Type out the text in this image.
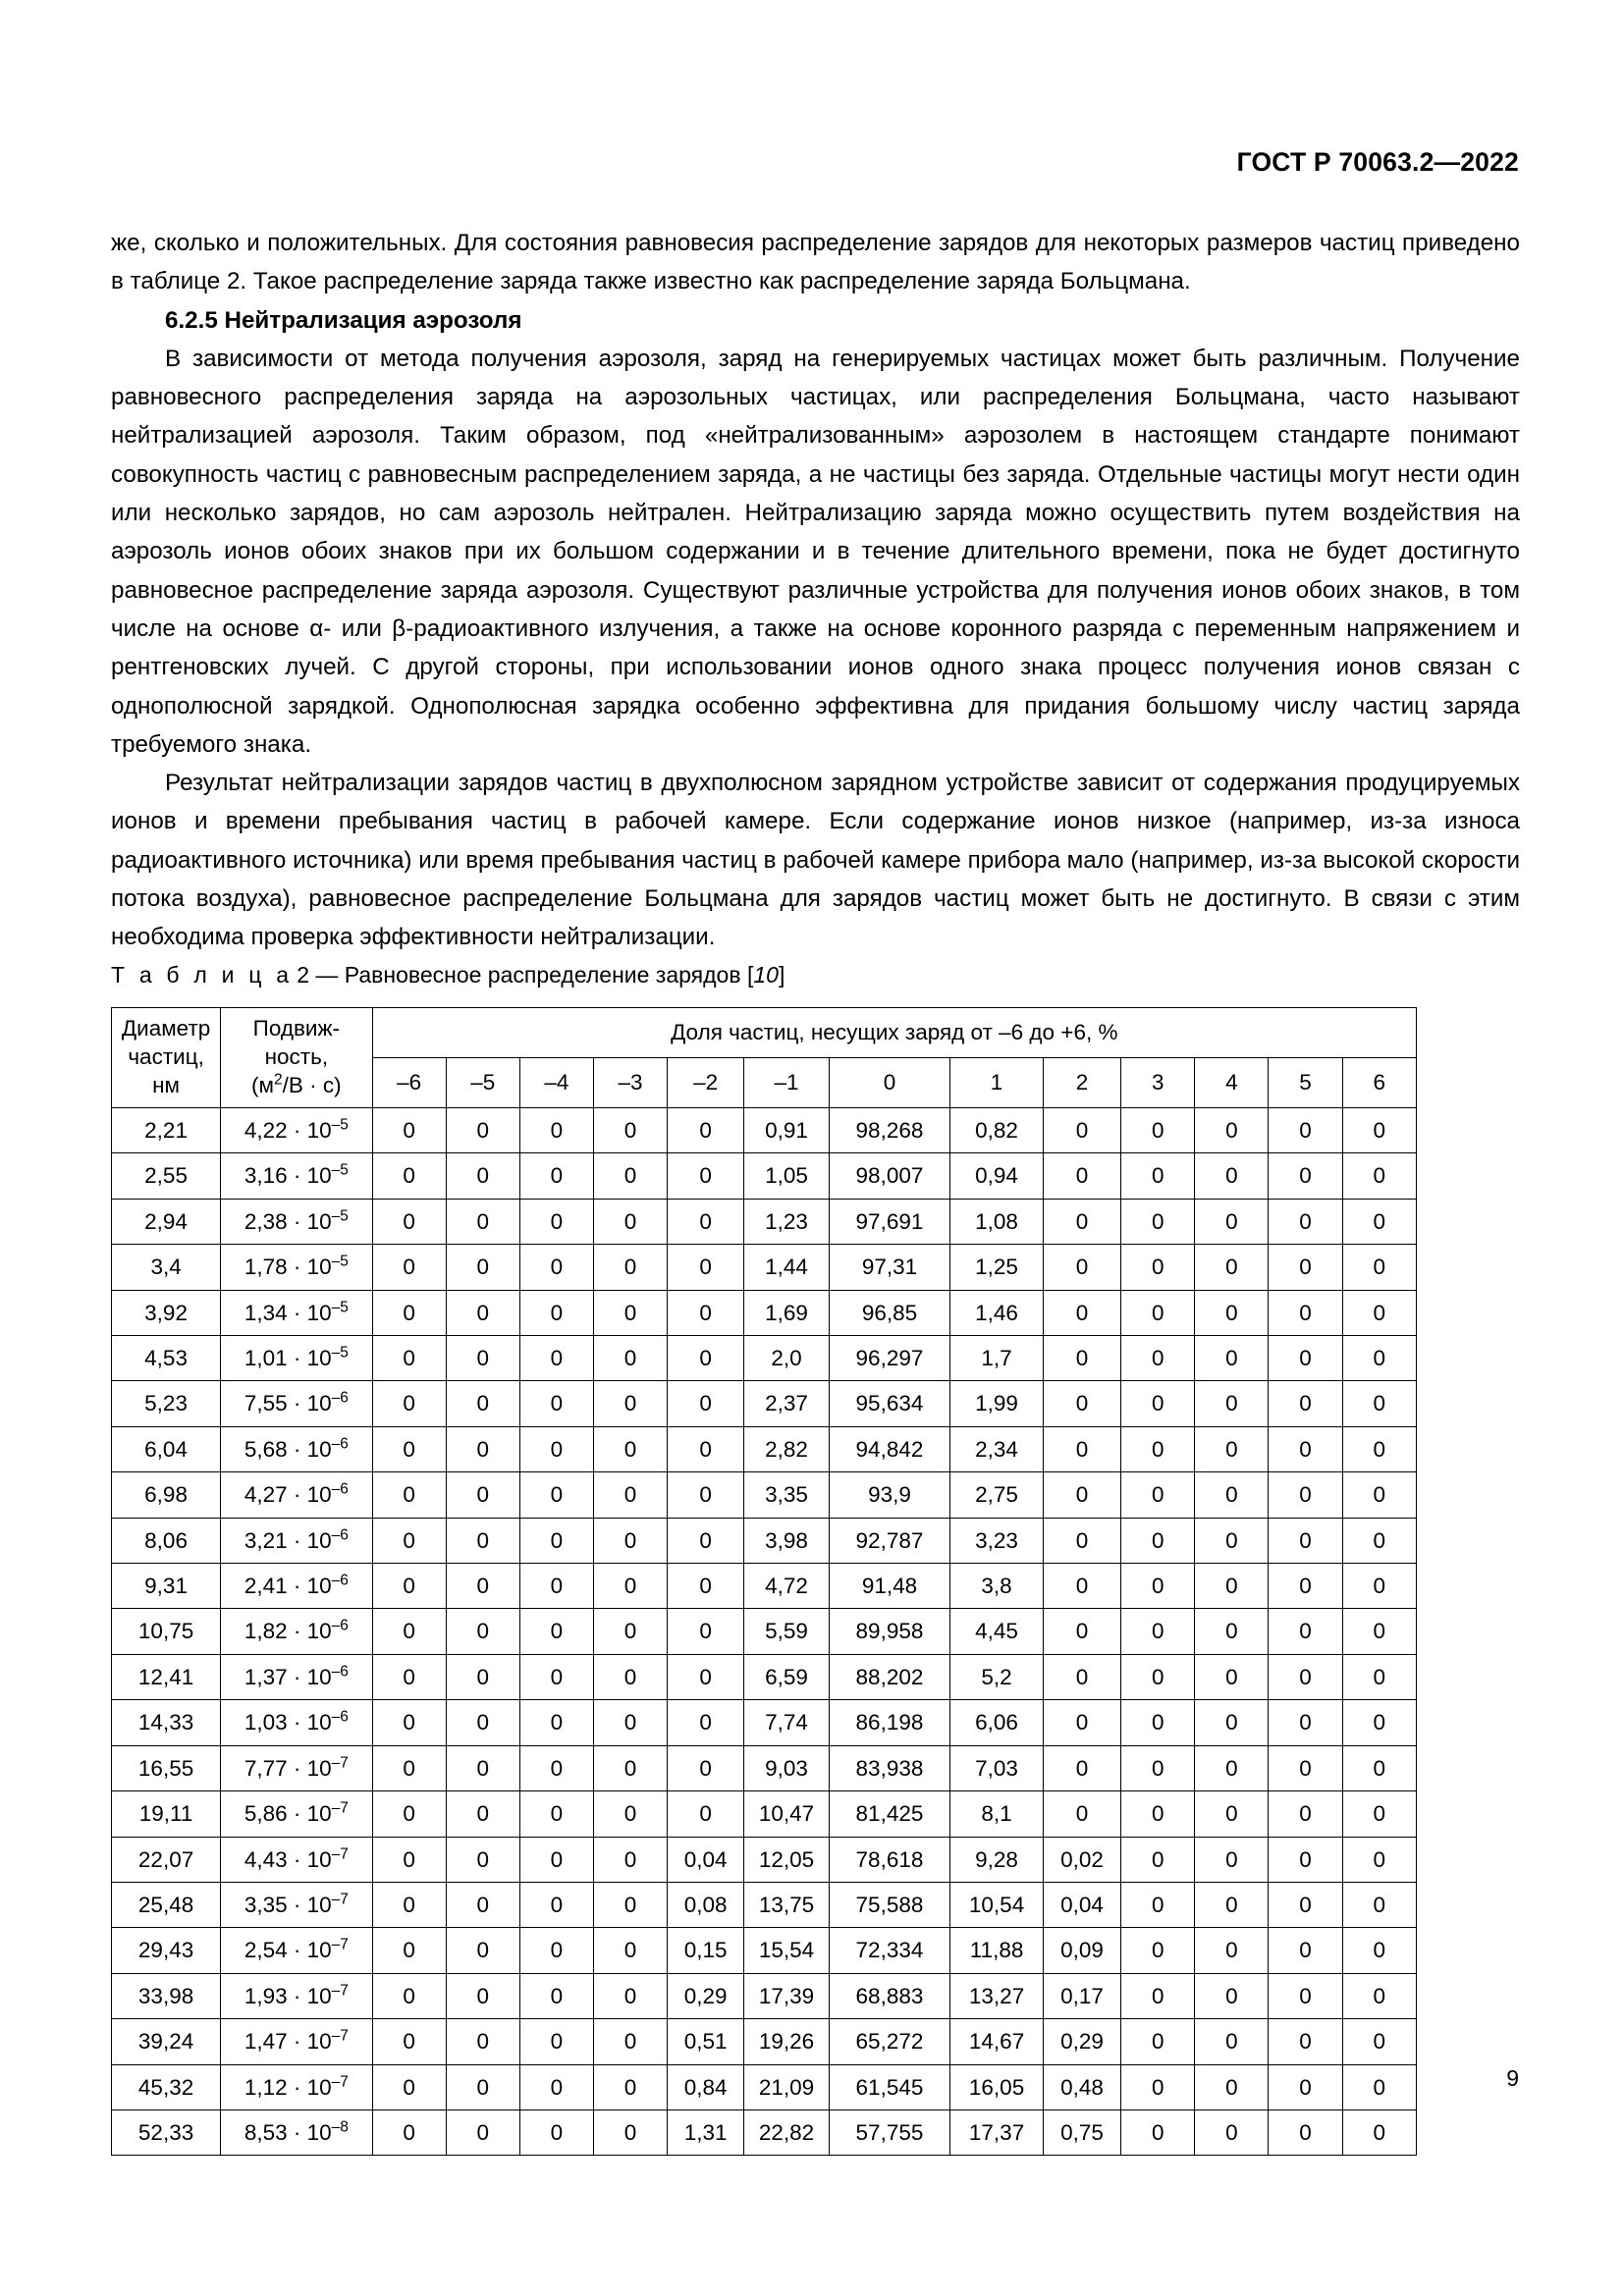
ГОСТ Р 70063.2—2022

же, сколько и положительных. Для состояния равновесия распределение зарядов для некоторых размеров частиц приведено в таблице 2. Такое распределение заряда также известно как распределение заряда Больцмана.

6.2.5 Нейтрализация аэрозоля

В зависимости от метода получения аэрозоля, заряд на генерируемых частицах может быть различным. Получение равновесного распределения заряда на аэрозольных частицах, или распределения Больцмана, часто называют нейтрализацией аэрозоля. Таким образом, под «нейтрализованным» аэрозолем в настоящем стандарте понимают совокупность частиц с равновесным распределением заряда, а не частицы без заряда. Отдельные частицы могут нести один или несколько зарядов, но сам аэрозоль нейтрален. Нейтрализацию заряда можно осуществить путем воздействия на аэрозоль ионов обоих знаков при их большом содержании и в течение длительного времени, пока не будет достигнуто равновесное распределение заряда аэрозоля. Существуют различные устройства для получения ионов обоих знаков, в том числе на основе α- или β-радиоактивного излучения, а также на основе коронного разряда с переменным напряжением и рентгеновских лучей. С другой стороны, при использовании ионов одного знака процесс получения ионов связан с однополюсной зарядкой. Однополюсная зарядка особенно эффективна для придания большому числу частиц заряда требуемого знака.

Результат нейтрализации зарядов частиц в двухполюсном зарядном устройстве зависит от содержания продуцируемых ионов и времени пребывания частиц в рабочей камере. Если содержание ионов низкое (например, из-за износа радиоактивного источника) или время пребывания частиц в рабочей камере прибора мало (например, из-за высокой скорости потока воздуха), равновесное распределение Больцмана для зарядов частиц может быть не достигнуто. В связи с этим необходима проверка эффективности нейтрализации.

Т а б л и ц а 2 — Равновесное распределение зарядов [10]
Диаметр
частиц,
нм	Подвиж-
ность,
$(м^2/В \cdot с)$	Доля частиц, несущих заряд от –6 до +6, %												
		–6	–5	–4	–3	–2	–1	0	1	2	3	4	5	6
2,21	$4,22 \cdot 10^{-5}$	0	0	0	0	0	0,91	98,268	0,82	0	0	0	0	0
2,55	$3,16 \cdot 10^{-5}$	0	0	0	0	0	1,05	98,007	0,94	0	0	0	0	0
2,94	$2,38 \cdot 10^{-5}$	0	0	0	0	0	1,23	97,691	1,08	0	0	0	0	0
3,4	$1,78 \cdot 10^{-5}$	0	0	0	0	0	1,44	97,31	1,25	0	0	0	0	0
3,92	$1,34 \cdot 10^{-5}$	0	0	0	0	0	1,69	96,85	1,46	0	0	0	0	0
4,53	$1,01 \cdot 10^{-5}$	0	0	0	0	0	2,0	96,297	1,7	0	0	0	0	0
5,23	$7,55 \cdot 10^{-6}$	0	0	0	0	0	2,37	95,634	1,99	0	0	0	0	0
6,04	$5,68 \cdot 10^{-6}$	0	0	0	0	0	2,82	94,842	2,34	0	0	0	0	0
6,98	$4,27 \cdot 10^{-6}$	0	0	0	0	0	3,35	93,9	2,75	0	0	0	0	0
8,06	$3,21 \cdot 10^{-6}$	0	0	0	0	0	3,98	92,787	3,23	0	0	0	0	0
9,31	$2,41 \cdot 10^{-6}$	0	0	0	0	0	4,72	91,48	3,8	0	0	0	0	0
10,75	$1,82 \cdot 10^{-6}$	0	0	0	0	0	5,59	89,958	4,45	0	0	0	0	0
12,41	$1,37 \cdot 10^{-6}$	0	0	0	0	0	6,59	88,202	5,2	0	0	0	0	0
14,33	$1,03 \cdot 10^{-6}$	0	0	0	0	0	7,74	86,198	6,06	0	0	0	0	0
16,55	$7,77 \cdot 10^{-7}$	0	0	0	0	0	9,03	83,938	7,03	0	0	0	0	0
19,11	$5,86 \cdot 10^{-7}$	0	0	0	0	0	10,47	81,425	8,1	0	0	0	0	0
22,07	$4,43 \cdot 10^{-7}$	0	0	0	0	0,04	12,05	78,618	9,28	0,02	0	0	0	0
25,48	$3,35 \cdot 10^{-7}$	0	0	0	0	0,08	13,75	75,588	10,54	0,04	0	0	0	0
29,43	$2,54 \cdot 10^{-7}$	0	0	0	0	0,15	15,54	72,334	11,88	0,09	0	0	0	0
33,98	$1,93 \cdot 10^{-7}$	0	0	0	0	0,29	17,39	68,883	13,27	0,17	0	0	0	0
39,24	$1,47 \cdot 10^{-7}$	0	0	0	0	0,51	19,26	65,272	14,67	0,29	0	0	0	0
45,32	$1,12 \cdot 10^{-7}$	0	0	0	0	0,84	21,09	61,545	16,05	0,48	0	0	0	0
52,33	$8,53 \cdot 10^{-8}$	0	0	0	0	1,31	22,82	57,755	17,37	0,75	0	0	0	0
9
